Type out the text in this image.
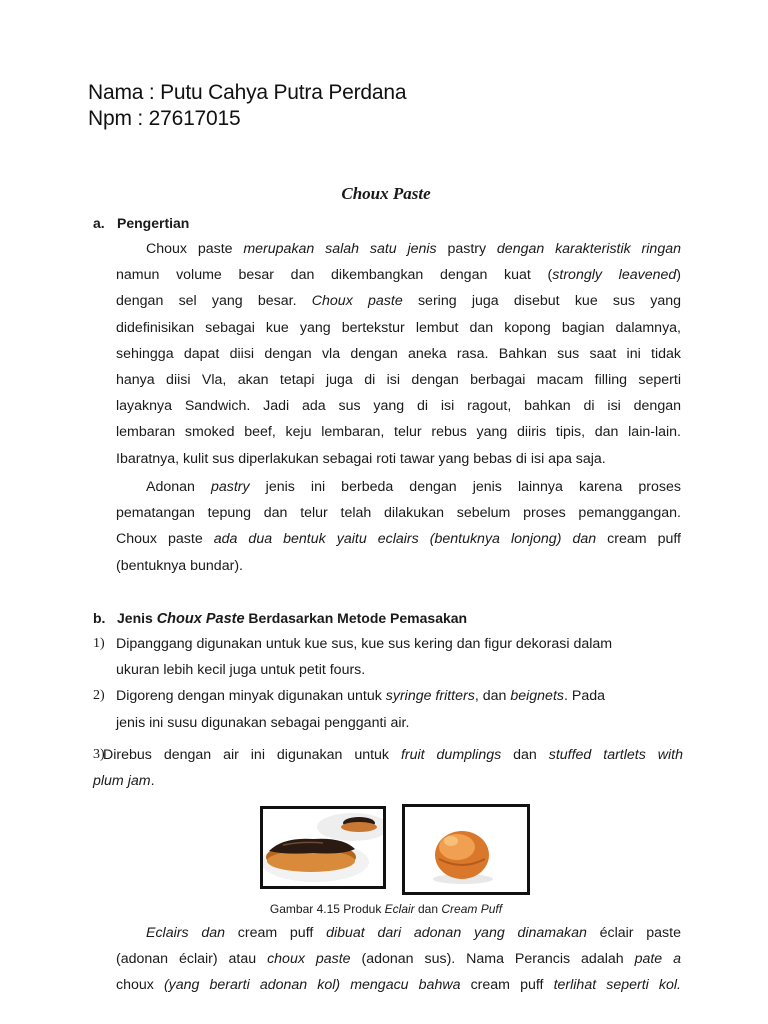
Nama : Putu Cahya Putra Perdana
Npm : 27617015
Choux Paste
a. Pengertian
Choux paste merupakan salah satu jenis pastry dengan karakteristik ringan
namun volume besar dan dikembangkan dengan kuat (strongly leavened)
dengan sel yang besar. Choux paste sering juga disebut kue sus yang
didefinisikan sebagai kue yang bertekstur lembut dan kopong bagian dalamnya,
sehingga dapat diisi dengan vla dengan aneka rasa. Bahkan sus saat ini tidak
hanya diisi Vla, akan tetapi juga di isi dengan berbagai macam filling seperti
layaknya Sandwich. Jadi ada sus yang di isi ragout, bahkan di isi dengan
lembaran smoked beef, keju lembaran, telur rebus yang diiris tipis, dan lain-lain.
Ibaratnya, kulit sus diperlakukan sebagai roti tawar yang bebas di isi apa saja.
Adonan pastry jenis ini berbeda dengan jenis lainnya karena proses
pematangan tepung dan telur telah dilakukan sebelum proses pemanggangan.
Choux paste ada dua bentuk yaitu eclairs (bentuknya lonjong) dan cream puff
(bentuknya bundar).
b. Jenis Choux Paste Berdasarkan Metode Pemasakan
1) Dipanggang digunakan untuk kue sus, kue sus kering dan figur dekorasi dalam
ukuran lebih kecil juga untuk petit fours.
2) Digoreng dengan minyak digunakan untuk syringe fritters, dan beignets. Pada
jenis ini susu digunakan sebagai pengganti air.
3)
Direbus dengan air ini digunakan untuk fruit dumplings dan stuffed tartlets with
plum jam.
Gambar 4.15 Produk Eclair dan Cream Puff
Eclairs dan cream puff dibuat dari adonan yang dinamakan éclair paste
(adonan éclair) atau choux paste (adonan sus). Nama Perancis adalah pate a
choux (yang berarti adonan kol) mengacu bahwa cream puff terlihat seperti kol.
